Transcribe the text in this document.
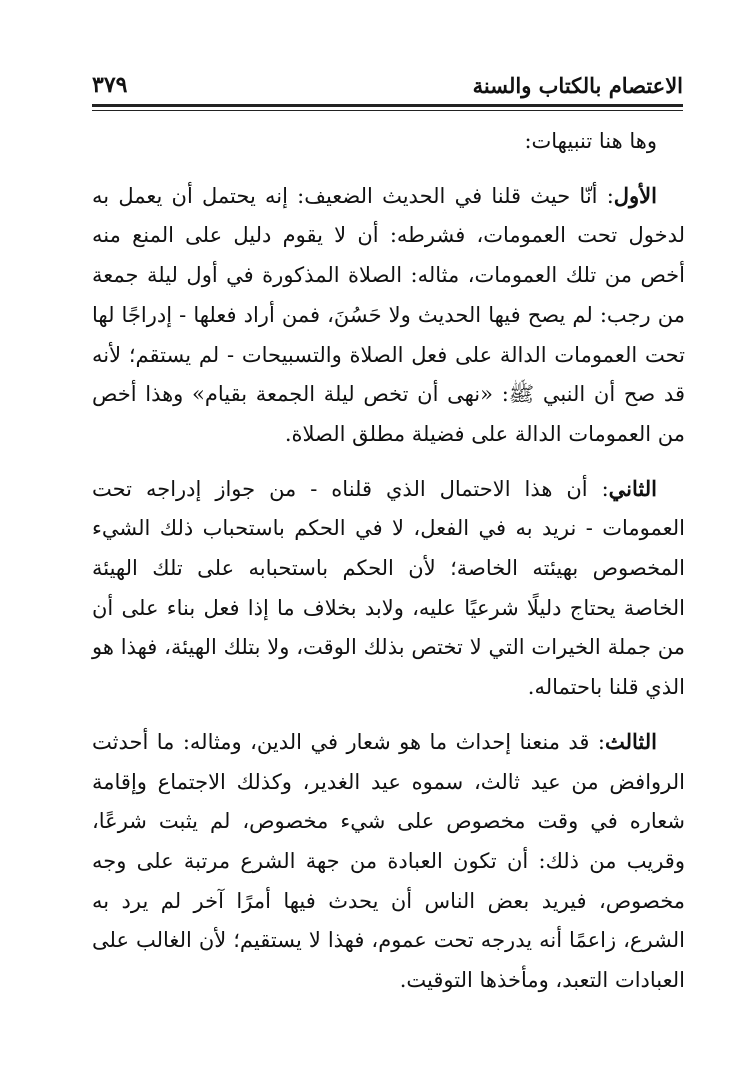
الاعتصام بالكتاب والسنة
٣٧٩

وها هنا تنبيهات:

الأول: أنّا حيث قلنا في الحديث الضعيف: إنه يحتمل أن يعمل به لدخول تحت العمومات، فشرطه: أن لا يقوم دليل على المنع منه أخص من تلك العمومات، مثاله: الصلاة المذكورة في أول ليلة جمعة من رجب: لم يصح فيها الحديث ولا حَسُنَ، فمن أراد فعلها - إدراجًا لها تحت العمومات الدالة على فعل الصلاة والتسبيحات - لم يستقم؛ لأنه قد صح أن النبي ﷺ: «نهى أن تخص ليلة الجمعة بقيام» وهذا أخص من العمومات الدالة على فضيلة مطلق الصلاة.

الثاني: أن هذا الاحتمال الذي قلناه - من جواز إدراجه تحت العمومات - نريد به في الفعل، لا في الحكم باستحباب ذلك الشيء المخصوص بهيئته الخاصة؛ لأن الحكم باستحبابه على تلك الهيئة الخاصة يحتاج دليلًا شرعيًا عليه، ولابد بخلاف ما إذا فعل بناء على أن من جملة الخيرات التي لا تختص بذلك الوقت، ولا بتلك الهيئة، فهذا هو الذي قلنا باحتماله.

الثالث: قد منعنا إحداث ما هو شعار في الدين، ومثاله: ما أحدثت الروافض من عيد ثالث، سموه عيد الغدير، وكذلك الاجتماع وإقامة شعاره في وقت مخصوص على شيء مخصوص، لم يثبت شرعًا، وقريب من ذلك: أن تكون العبادة من جهة الشرع مرتبة على وجه مخصوص، فيريد بعض الناس أن يحدث فيها أمرًا آخر لم يرد به الشرع، زاعمًا أنه يدرجه تحت عموم، فهذا لا يستقيم؛ لأن الغالب على العبادات التعبد، ومأخذها التوقيت.
